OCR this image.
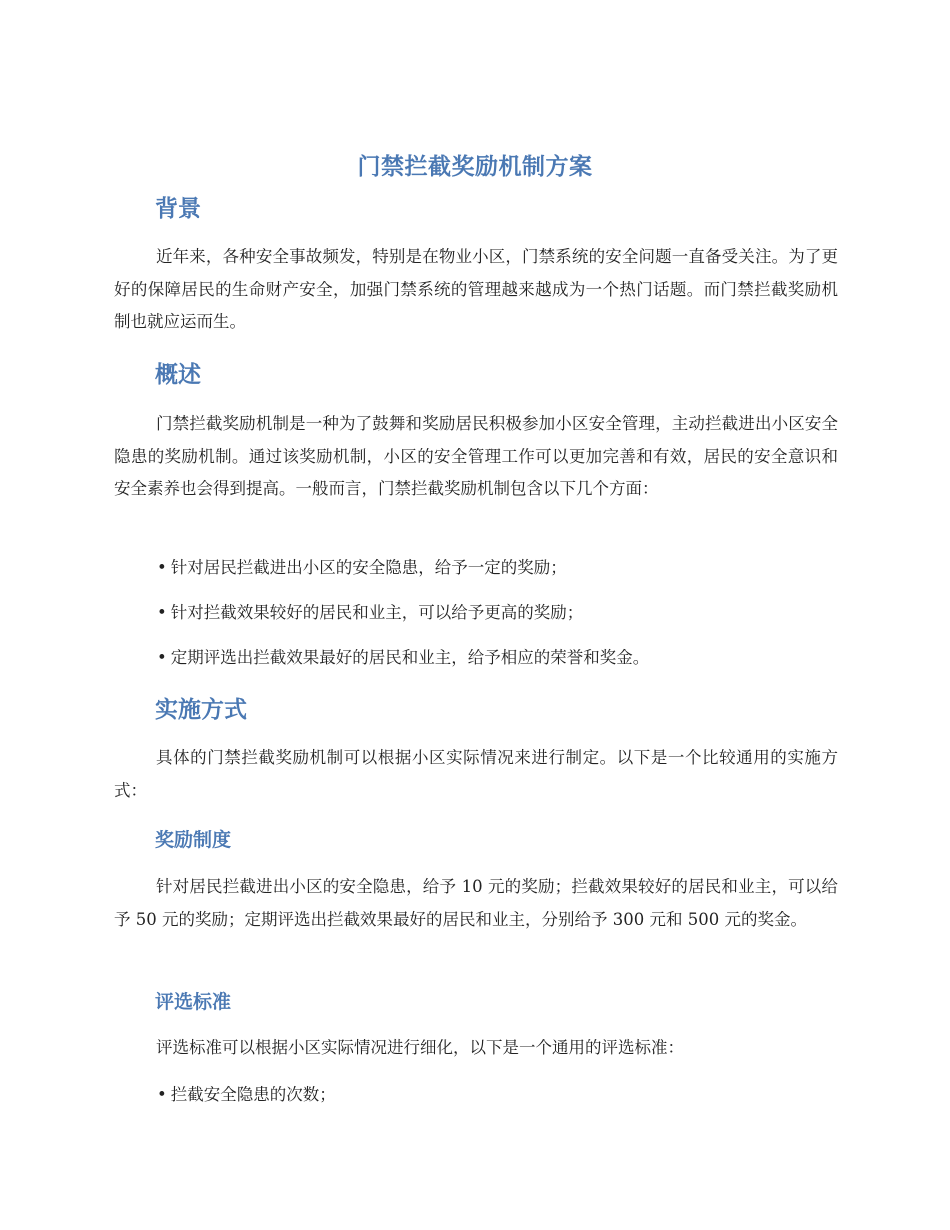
门禁拦截奖励机制方案
背景

近年来，各种安全事故频发，特别是在物业小区，门禁系统的安全问题一直备受关注。为了更好的保障居民的生命财产安全，加强门禁系统的管理越来越成为一个热门话题。而门禁拦截奖励机制也就应运而生。

概述

门禁拦截奖励机制是一种为了鼓舞和奖励居民积极参加小区安全管理，主动拦截进出小区安全隐患的奖励机制。通过该奖励机制，小区的安全管理工作可以更加完善和有效，居民的安全意识和安全素养也会得到提高。一般而言，门禁拦截奖励机制包含以下几个方面：

• 针对居民拦截进出小区的安全隐患，给予一定的奖励；
• 针对拦截效果较好的居民和业主，可以给予更高的奖励；
• 定期评选出拦截效果最好的居民和业主，给予相应的荣誉和奖金。
实施方式

具体的门禁拦截奖励机制可以根据小区实际情况来进行制定。以下是一个比较通用的实施方式：

奖励制度

针对居民拦截进出小区的安全隐患，给予 10 元的奖励；拦截效果较好的居民和业主，可以给予 50 元的奖励；定期评选出拦截效果最好的居民和业主，分别给予 300 元和 500 元的奖金。

评选标准

评选标准可以根据小区实际情况进行细化，以下是一个通用的评选标准：

• 拦截安全隐患的次数；
